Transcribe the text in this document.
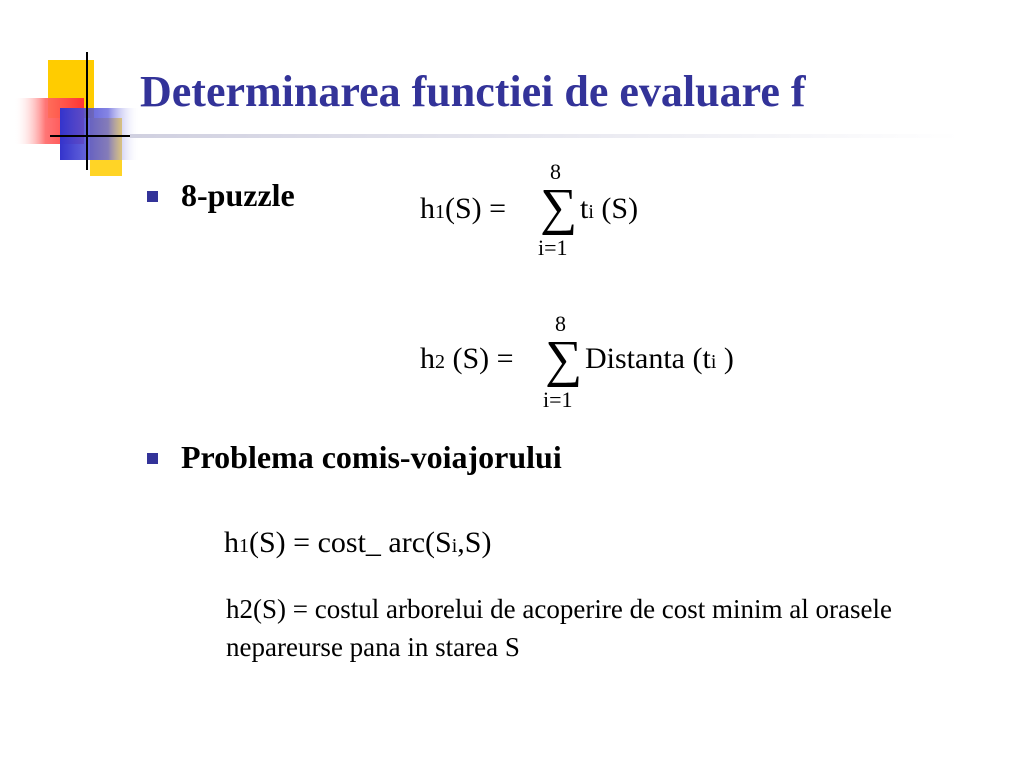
Determinarea functiei de evaluare f
8-puzzle	h1(S) =
8
∑
i=1
ti (S)
h2 (S) =
8
∑
i=1
Distanta (ti )
Problema comis-voiajorului
h1(S) = cost_ arc(Si,S)
h2(S) = costul arborelui de acoperire de cost minim al orasele nepareurse pana in starea S
